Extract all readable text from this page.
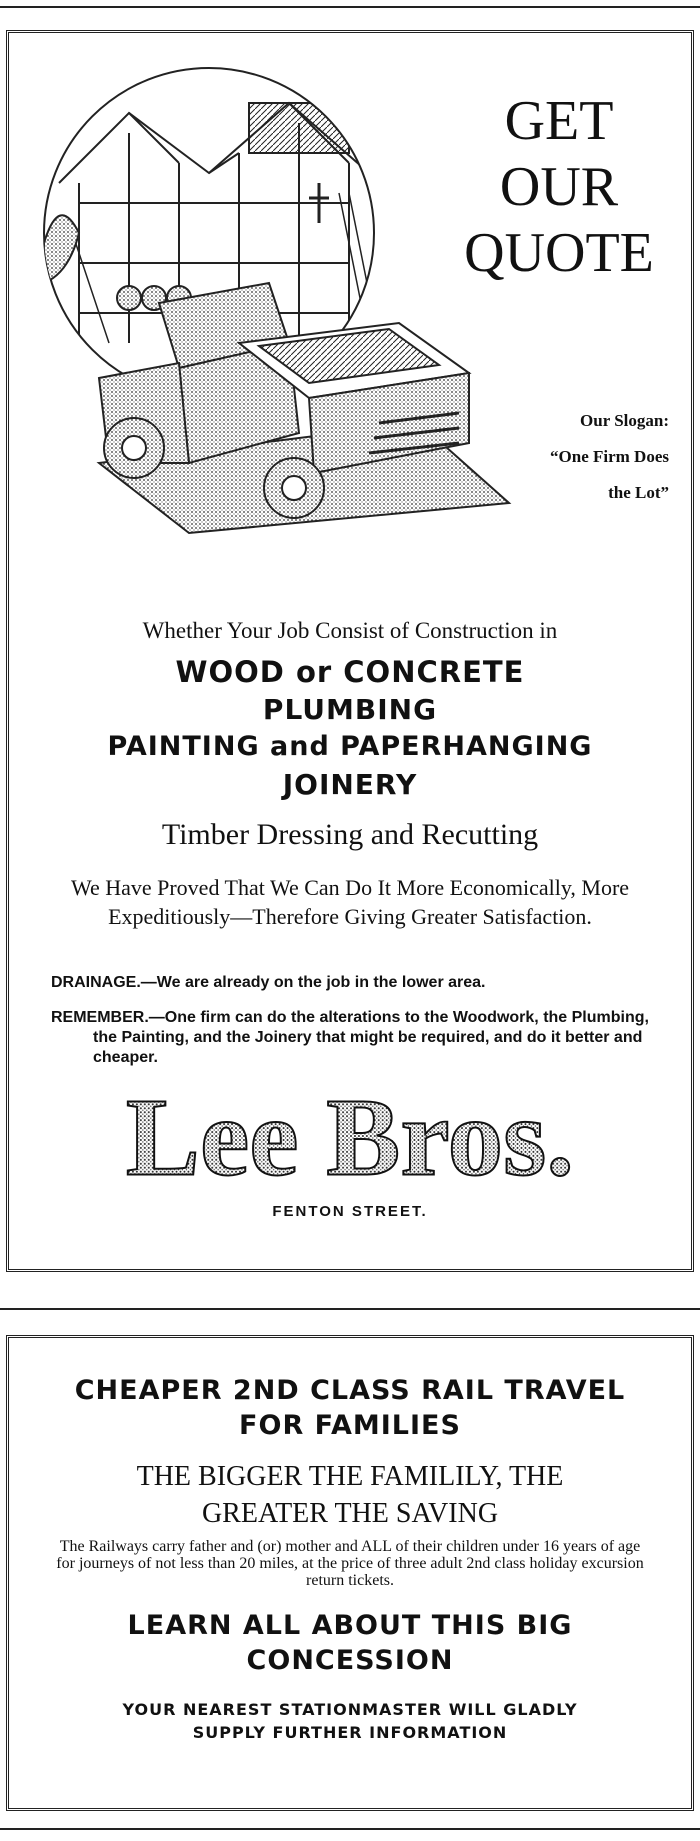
GET
OUR
QUOTE
Our Slogan:
“One Firm Does
the Lot”
Whether Your Job Consist of Construction in
WOOD or CONCRETE
PLUMBING
PAINTING and PAPERHANGING
JOINERY
Timber Dressing and Recutting
We Have Proved That We Can Do It More Economically, More Expeditiously—Therefore Giving Greater Satisfaction.
DRAINAGE.—We are already on the job in the lower area.
REMEMBER.—One firm can do the alterations to the Woodwork, the Plumbing, the Painting, and the Joinery that might be required, and do it better and cheaper.
Lee Bros.
FENTON STREET.
CHEAPER 2ND CLASS RAIL TRAVEL
FOR FAMILIES
THE BIGGER THE FAMILILY, THE
GREATER THE SAVING
The Railways carry father and (or) mother and ALL of their children under 16 years of age for journeys of not less than 20 miles, at the price of three adult 2nd class holiday excursion return tickets.
LEARN ALL ABOUT THIS BIG
CONCESSION
YOUR NEAREST STATIONMASTER WILL GLADLY
SUPPLY FURTHER INFORMATION
